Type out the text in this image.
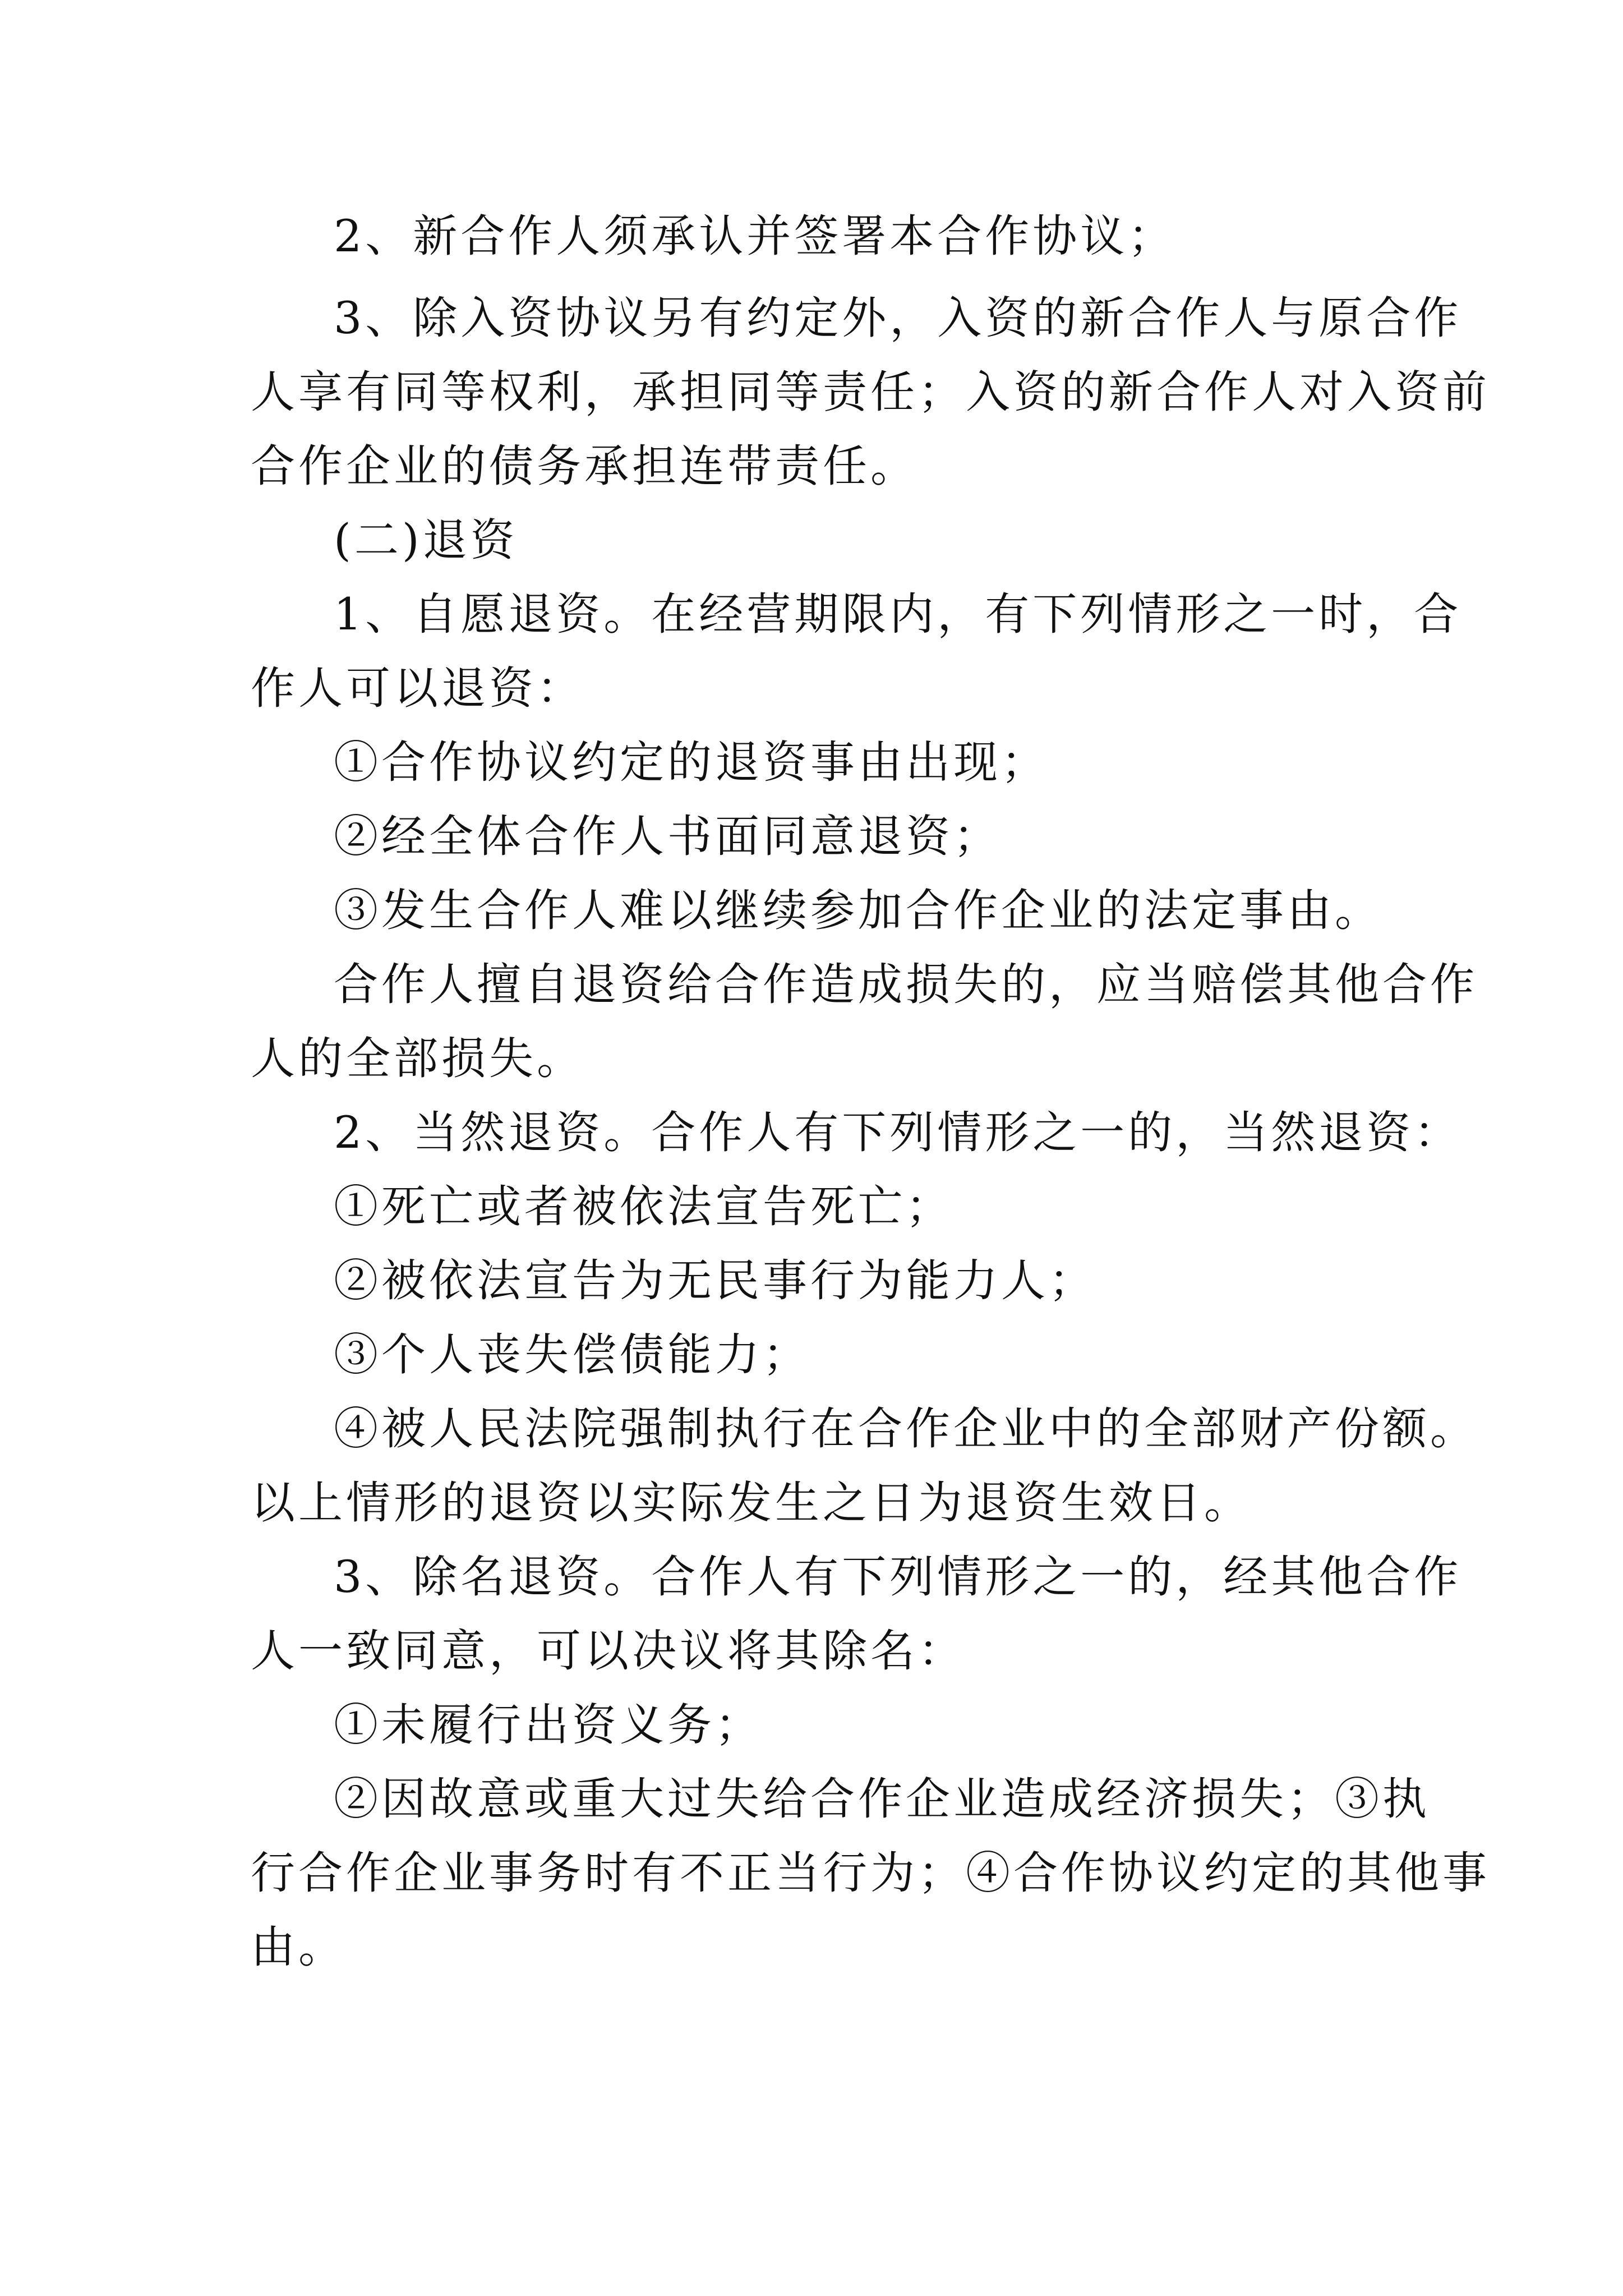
2、新合作人须承认并签署本合作协议；
3、除入资协议另有约定外，入资的新合作人与原合作
人享有同等权利，承担同等责任；入资的新合作人对入资前
合作企业的债务承担连带责任。
(二)退资
1、自愿退资。在经营期限内，有下列情形之一时，合
作人可以退资：
①合作协议约定的退资事由出现；
②经全体合作人书面同意退资；
③发生合作人难以继续参加合作企业的法定事由。
合作人擅自退资给合作造成损失的，应当赔偿其他合作
人的全部损失。
2、当然退资。合作人有下列情形之一的，当然退资：
①死亡或者被依法宣告死亡；
②被依法宣告为无民事行为能力人；
③个人丧失偿债能力；
④被人民法院强制执行在合作企业中的全部财产份额。
以上情形的退资以实际发生之日为退资生效日。
3、除名退资。合作人有下列情形之一的，经其他合作
人一致同意，可以决议将其除名：
①未履行出资义务；
②因故意或重大过失给合作企业造成经济损失；③执
行合作企业事务时有不正当行为；④合作协议约定的其他事
由。
